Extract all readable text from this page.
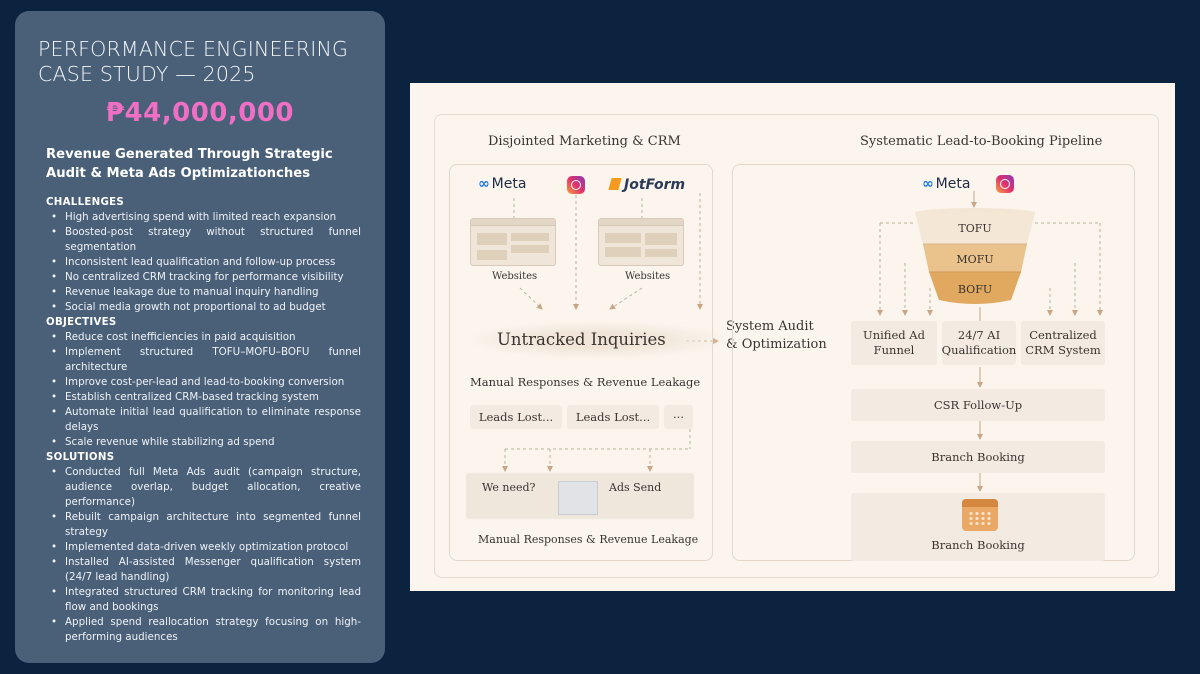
PERFORMANCE ENGINEERING
CASE STUDY — 2025
₱44,000,000
Revenue Generated Through Strategic Audit & Meta Ads Optimizationches
CHALLENGES
• High advertising spend with limited reach expansion
• Boosted-post strategy without structured funnel segmentation
• Inconsistent lead qualification and follow-up process
• No centralized CRM tracking for performance visibility
• Revenue leakage due to manual inquiry handling
• Social media growth not proportional to ad budget
OBJECTIVES
• Reduce cost inefficiencies in paid acquisition
• Implement structured TOFU–MOFU–BOFU funnel architecture
• Improve cost-per-lead and lead-to-booking conversion
• Establish centralized CRM-based tracking system
• Automate initial lead qualification to eliminate response delays
• Scale revenue while stabilizing ad spend
SOLUTIONS
• Conducted full Meta Ads audit (campaign structure, audience overlap, budget allocation, creative performance)
• Rebuilt campaign architecture into segmented funnel strategy
• Implemented data-driven weekly optimization protocol
• Installed AI-assisted Messenger qualification system (24/7 lead handling)
• Integrated structured CRM tracking for monitoring lead flow and bookings
• Applied spend reallocation strategy focusing on high-performing audiences
Disjointed Marketing & CRM	Systematic Lead-to-Booking Pipeline
∞ Meta	JotForm
Websites	Websites
Untracked Inquiries
Manual Responses & Revenue Leakage
Leads Lost...	Leads Lost...	···
We need?	Ads Send
Manual Responses & Revenue Leakage
System Audit
& Optimization
∞ Meta
TOFU
MOFU
BOFU
Unified Ad Funnel
24/7 AI Qualification
Centralized CRM System
CSR Follow-Up
Branch Booking
Branch Booking
